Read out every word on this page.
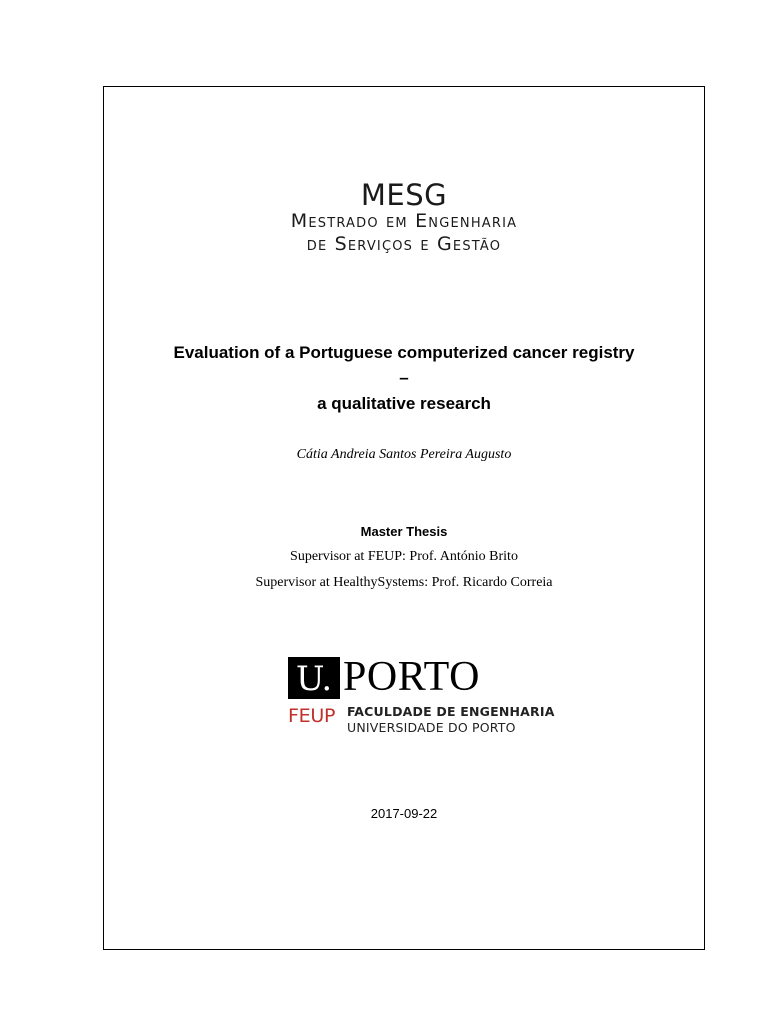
MESG
Mestrado em Engenharia
de Serviços e Gestão
Evaluation of a Portuguese computerized cancer registry
–
a qualitative research
Cátia Andreia Santos Pereira Augusto
Master Thesis
Supervisor at FEUP: Prof. António Brito
Supervisor at HealthySystems: Prof. Ricardo Correia
U. PORTO
FEUP FACULDADE DE ENGENHARIA
UNIVERSIDADE DO PORTO
2017-09-22
